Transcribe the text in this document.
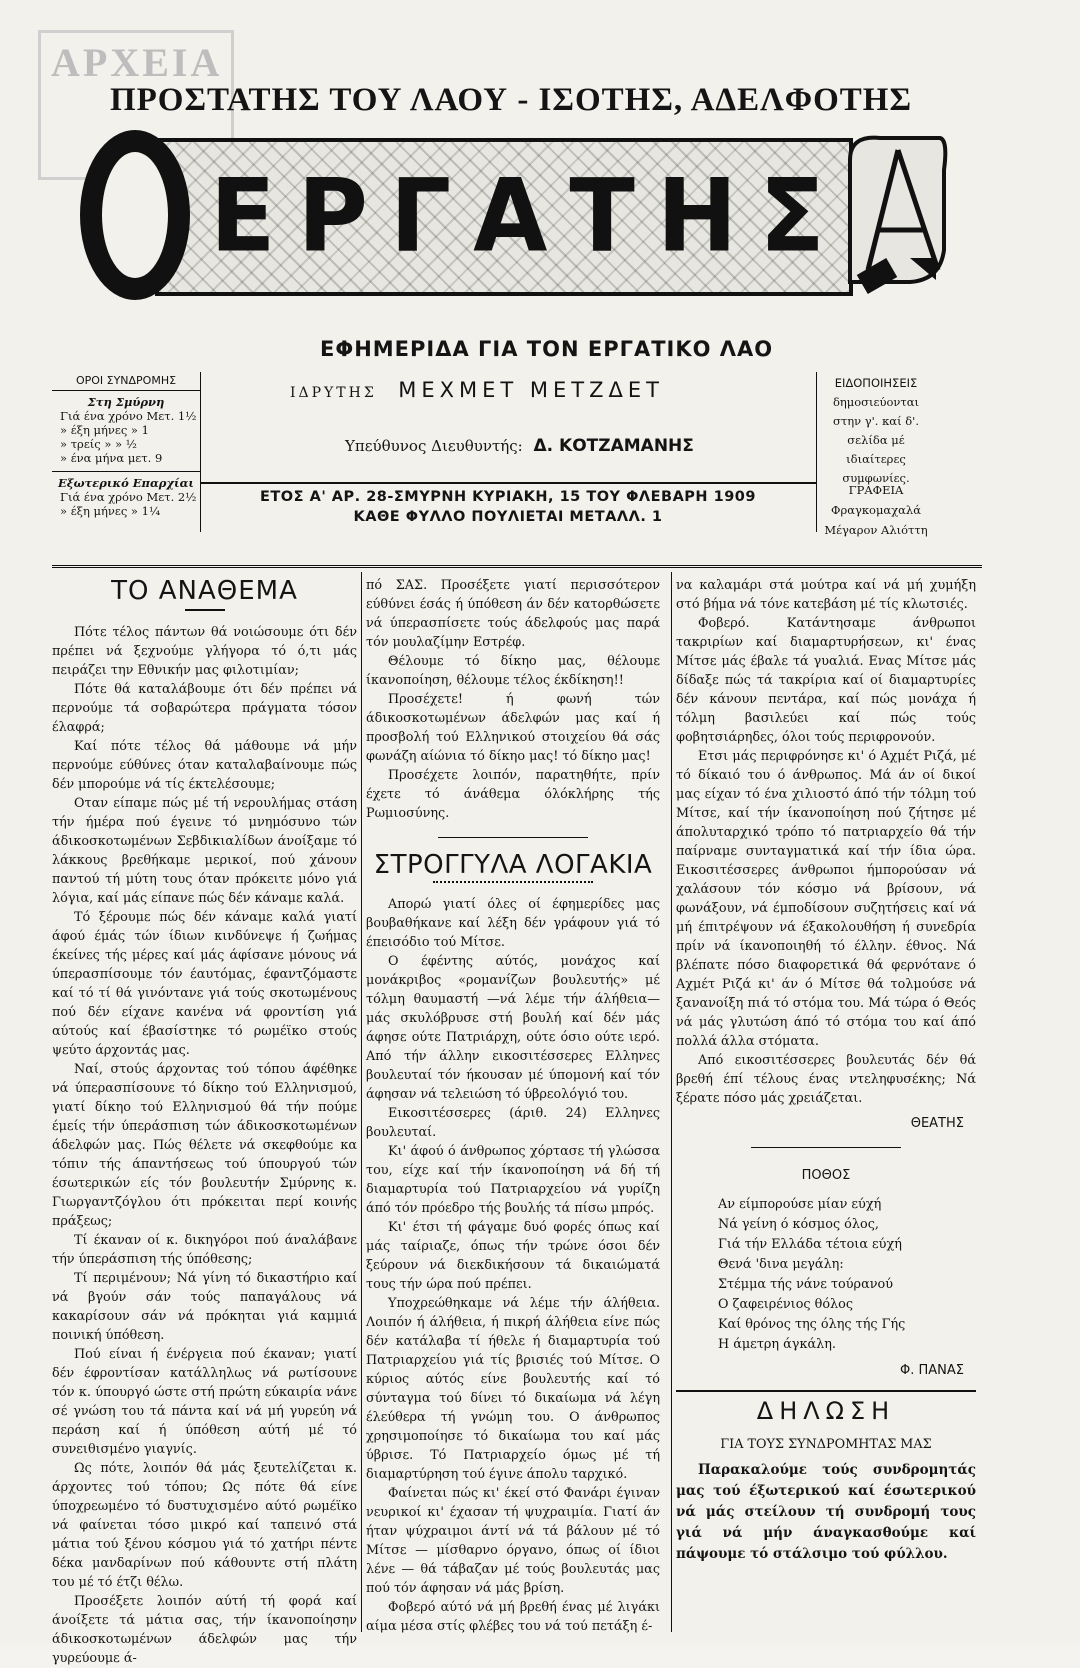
ΑΡΧΕΙΑ
ΠΡΟΣΤΑΤΗΣ ΤΟΥ ΛΑΟΥ - ΙΣΟΤΗΣ, ΑΔΕΛΦΟΤΗΣ
ΕΡΓΑΤΗΣ
ΕΦΗΜΕΡΙΔΑ ΓΙΑ ΤΟΝ ΕΡΓΑΤΙΚΟ ΛΑΟ
ΙΔΡΥΤΗΣ ΜΕΧΜΕΤ ΜΕΤΖΔΕΤ
Υπεύθυνος Διευθυντής: Δ. ΚΟΤΖΑΜΑΝΗΣ
ΟΡΟΙ ΣΥΝΔΡΟΜΗΣ
Στη Σμύρνη
Γιά ένα χρόνο Μετ. 1½
» έξη μήνες » 1
» τρείς » » ½
» ένα μήνα μετ. 9
Εξωτερικό Επαρχίαι
Γιά ένα χρόνο Μετ. 2½
» έξη μήνες » 1¼
ΕΙΔΟΠΟΙΗΣΕΙΣ
δημοσιεύονται στην γ'. καί δ'. σελίδα μέ ιδιαίτερες συμφωνίες.
ΓΡΑΦΕΙΑ
Φραγκομαχαλά
Μέγαρον Αλιόττη
ΕΤΟΣ Α' ΑΡ. 28-ΣΜΥΡΝΗ ΚΥΡΙΑΚΗ, 15 ΤΟΥ ΦΛΕΒΑΡΗ 1909
ΚΑΘΕ ΦΥΛΛΟ ΠΟΥΛΙΕΤΑΙ ΜΕΤΑΛΛ. 1
ΤΟ ΑΝΑΘΕΜΑ

Πότε τέλος πάντων θά νοιώσουμε ότι δέν πρέπει νά ξεχνούμε γλήγορα τό ό,τι μάς πειράζει την Εθνικήν μας φιλοτιμίαν;

Πότε θά καταλάβουμε ότι δέν πρέπει νά περνούμε τά σοβαρώτερα πράγματα τόσον έλαφρά;

Καί πότε τέλος θά μάθουμε νά μήν περνούμε εύθύνες όταν καταλαβαίνουμε πώς δέν μπορούμε νά τίς έκτελέσουμε;

Οταν είπαμε πώς μέ τή νερουλήμας στάση τήν ήμέρα πού έγεινε τό μνημόσυνο τών άδικοσκοτωμένων Σεβδικιαλίδων άνοίξαμε τό λάκκους βρεθήκαμε μερικοί, πού χάνουν παντού τή μύτη τους όταν πρόκειτε μόνο γιά λόγια, καί μάς είπανε πώς δέν κάναμε καλά.

Τό ξέρουμε πώς δέν κάναμε καλά γιατί άφού έμάς τών ίδιων κινδύνεψε ή ζωήμας έκείνες τής μέρες καί μάς άφίσανε μόνους νά ύπερασπίσουμε τόν έαυτόμας, έφαντζόμαστε καί τό τί θά γινόντανε γιά τούς σκοτωμένους πού δέν είχανε κανένα νά φροντίση γιά αύτούς καί έβασίστηκε τό ρωμέϊκο στούς ψεύτο άρχοντάς μας.

Ναί, στούς άρχοντας τού τόπου άφέθηκε νά ύπερασπίσουνε τό δίκηο τού Ελληνισμού, γιατί δίκηο τού Ελληνισμού θά τήν πούμε έμείς τήν ύπεράσπιση τών άδικοσκοτωμένων άδελφών μας. Πώς θέλετε νά σκεφθούμε κα τόπιν τής άπαντήσεως τού ύπουργού τών έσωτερικών είς τόν βουλευτήν Σμύρνης κ. Γιωργαντζόγλου ότι πρόκειται περί κοινής πράξεως;

Τί έκαναν οί κ. δικηγόροι πού άναλάβανε τήν ύπεράσπιση τής ύπόθεσης;

Τί περιμένουν; Νά γίνη τό δικαστήριο καί νά βγούν σάν τούς παπαγάλους νά κακαρίσουν σάν νά πρόκηται γιά καμμιά ποινική ύπόθεση.

Πού είναι ή ένέργεια πού έκαναν; γιατί δέν έφροντίσαν κατάλληλως νά ρωτίσουνε τόν κ. ύπουργό ώστε στή πρώτη εύκαιρία νάνε σέ γνώση του τά πάντα καί νά μή γυρεύη νά περάση καί ή ύπόθεση αύτή μέ τό συνειθισμένο γιαγνίς.

Ως πότε, λοιπόν θά μάς ξευτελίζεται κ. άρχοντες τού τόπου; Ως πότε θά είνε ύποχρεωμένο τό δυστυχισμένο αύτό ρωμέϊκο νά φαίνεται τόσο μικρό καί ταπεινό στά μάτια τού ξένου κόσμου γιά τό χατήρι πέντε δέκα μανδαρίνων πού κάθουντε στή πλάτη του μέ τό έτζι θέλω.

Προσέξετε λοιπόν αύτή τή φορά καί άνοίξετε τά μάτια σας, τήν ίκανοποίησην άδικοσκοτωμένων άδελφών μας τήν γυρεύουμε ά-

πό ΣΑΣ. Προσέξετε γιατί περισσότερον εύθύνει έσάς ή ύπόθεση άν δέν κατορθώσετε νά ύπερασπίσετε τούς άδελφούς μας παρά τόν μουλαζίμην Εστρέφ.

Θέλουμε τό δίκηο μας, θέλουμε ίκανοποίηση, θέλουμε τέλος έκδίκηση!!

Προσέχετε! ή φωνή τών άδικοσκοτωμένων άδελφών μας καί ή προσβολή τού Ελληνικού στοιχείου θά σάς φωνάζη αίώνια τό δίκηο μας! τό δίκηο μας!

Προσέχετε λοιπόν, παρατηθήτε, πρίν έχετε τό άνάθεμα όλόκλήρης τής Ρωμιοσύνης.

ΣΤΡΟΓΓΥΛΑ ΛΟΓΑΚΙΑ

Απορώ γιατί όλες οί έφημερίδες μας βουβαθήκανε καί λέξη δέν γράφουν γιά τό έπεισόδιο τού Μίτσε.

Ο έφέντης αύτός, μονάχος καί μονάκριβος «ρομανίζων βουλευτής» μέ τόλμη θαυμαστή —νά λέμε τήν άλήθεια— μάς σκυλόβρυσε στή βουλή καί δέν μάς άφησε ούτε Πατριάρχη, ούτε όσιο ούτε ιερό. Από τήν άλλην εικοσιτέσσερες Ελληνες βουλευταί τόν ήκουσαν μέ ύπομονή καί τόν άφησαν νά τελειώση τό ύβρεολόγιό του.

Εικοσιτέσσερες (άριθ. 24) Ελληνες βουλευταί.

Κι' άφού ό άνθρωπος χόρτασε τή γλώσσα του, είχε καί τήν ίκανοποίηση νά δή τή διαμαρτυρία τού Πατριαρχείου νά γυρίζη άπό τόν πρόεδρο τής βουλής τά πίσω μπρός.

Κι' έτσι τή φάγαμε δυό φορές όπως καί μάς ταίριαζε, όπως τήν τρώνε όσοι δέν ξεύρουν νά διεκδικήσουν τά δικαιώματά τους τήν ώρα πού πρέπει.

Υποχρεώθηκαμε νά λέμε τήν άλήθεια. Λοιπόν ή άλήθεια, ή πικρή άλήθεια είνε πώς δέν κατάλαβα τί ήθελε ή διαμαρτυρία τού Πατριαρχείου γιά τίς βρισιές τού Μίτσε. Ο κύριος αύτός είνε βουλευτής καί τό σύνταγμα τού δίνει τό δικαίωμα νά λέγη έλεύθερα τή γνώμη του. Ο άνθρωπος χρησιμοποίησε τό δικαίωμα του καί μάς ύβρισε. Τό Πατριαρχείο όμως μέ τή διαμαρτύρηση τού έγινε άπολυ ταρχικό.

Φαίνεται πώς κι' έκεί στό Φανάρι έγιναν νευρικοί κι' έχασαν τή ψυχραιμία. Γιατί άν ήταν ψύχραιμοι άντί νά τά βάλουν μέ τό Μίτσε — μίσθαρνο όργανο, όπως οί ίδιοι λένε — θά τάβαζαν μέ τούς βουλευτάς μας πού τόν άφησαν νά μάς βρίση.

Φοβερό αύτό νά μή βρεθή ένας μέ λιγάκι αίμα μέσα στίς φλέβες του νά τού πετάξη έ-

να καλαμάρι στά μούτρα καί νά μή χυμήξη στό βήμα νά τόνε κατεβάση μέ τίς κλωτσιές.

Φοβερό. Κατάντησαμε άνθρωποι τακριρίων καί διαμαρτυρήσεων, κι' ένας Μίτσε μάς έβαλε τά γυαλιά. Ενας Μίτσε μάς δίδαξε πώς τά τακρίρια καί οί διαμαρτυρίες δέν κάνουν πεντάρα, καί πώς μονάχα ή τόλμη βασιλεύει καί πώς τούς φοβητσιάρηδες, όλοι τούς περιφρονούν.

Ετσι μάς περιφρόνησε κι' ό Αχμέτ Ριζά, μέ τό δίκαιό του ό άνθρωπος. Μά άν οί δικοί μας είχαν τό ένα χιλιοστό άπό τήν τόλμη τού Μίτσε, καί τήν ίκανοποίηση πού ζήτησε μέ άπολυταρχικό τρόπο τό πατριαρχείο θά τήν παίρναμε συνταγματικά καί τήν ίδια ώρα. Εικοσιτέσσερες άνθρωποι ήμπορούσαν νά χαλάσουν τόν κόσμο νά βρίσουν, νά φωνάξουν, νά έμποδίσουν συζητήσεις καί νά μή έπιτρέψουν νά έξακολουθήση ή συνεδρία πρίν νά ίκανοποιηθή τό έλλην. έθνος. Νά βλέπατε πόσο διαφορετικά θά φερνότανε ό Αχμέτ Ριζά κι' άν ό Μίτσε θά τολμούσε νά ξανανοίξη πιά τό στόμα του. Μά τώρα ό Θεός νά μάς γλυτώση άπό τό στόμα του καί άπό πολλά άλλα στόματα.

Από εικοσιτέσσερες βουλευτάς δέν θά βρεθή έπί τέλους ένας ντεληφυσέκης; Νά ξέρατε πόσο μάς χρειάζεται.

ΘΕΑΤΗΣ
ΠΟΘΟΣ
Αν είμπορούσε μίαν εύχή
Νά γείνη ό κόσμος όλος,
Γιά τήν Ελλάδα τέτοια εύχή
Θενά 'δινα μεγάλη:
Στέμμα τής νάνε τούρανού
Ο ζαφειρένιος θόλος
Καί θρόνος της όλης τής Γής
Η άμετρη άγκάλη.
Φ. ΠΑΝΑΣ
ΔΗΛΩΣΗ
ΓΙΑ ΤΟΥΣ ΣΥΝΔΡΟΜΗΤΑΣ ΜΑΣ

Παρακαλούμε τούς συνδρομητάς μας τού έξωτερικού καί έσωτερικού νά μάς στείλουν τή συνδρομή τους γιά νά μήν άναγκασθούμε καί πάψουμε τό στάλσιμο τού φύλλου.
